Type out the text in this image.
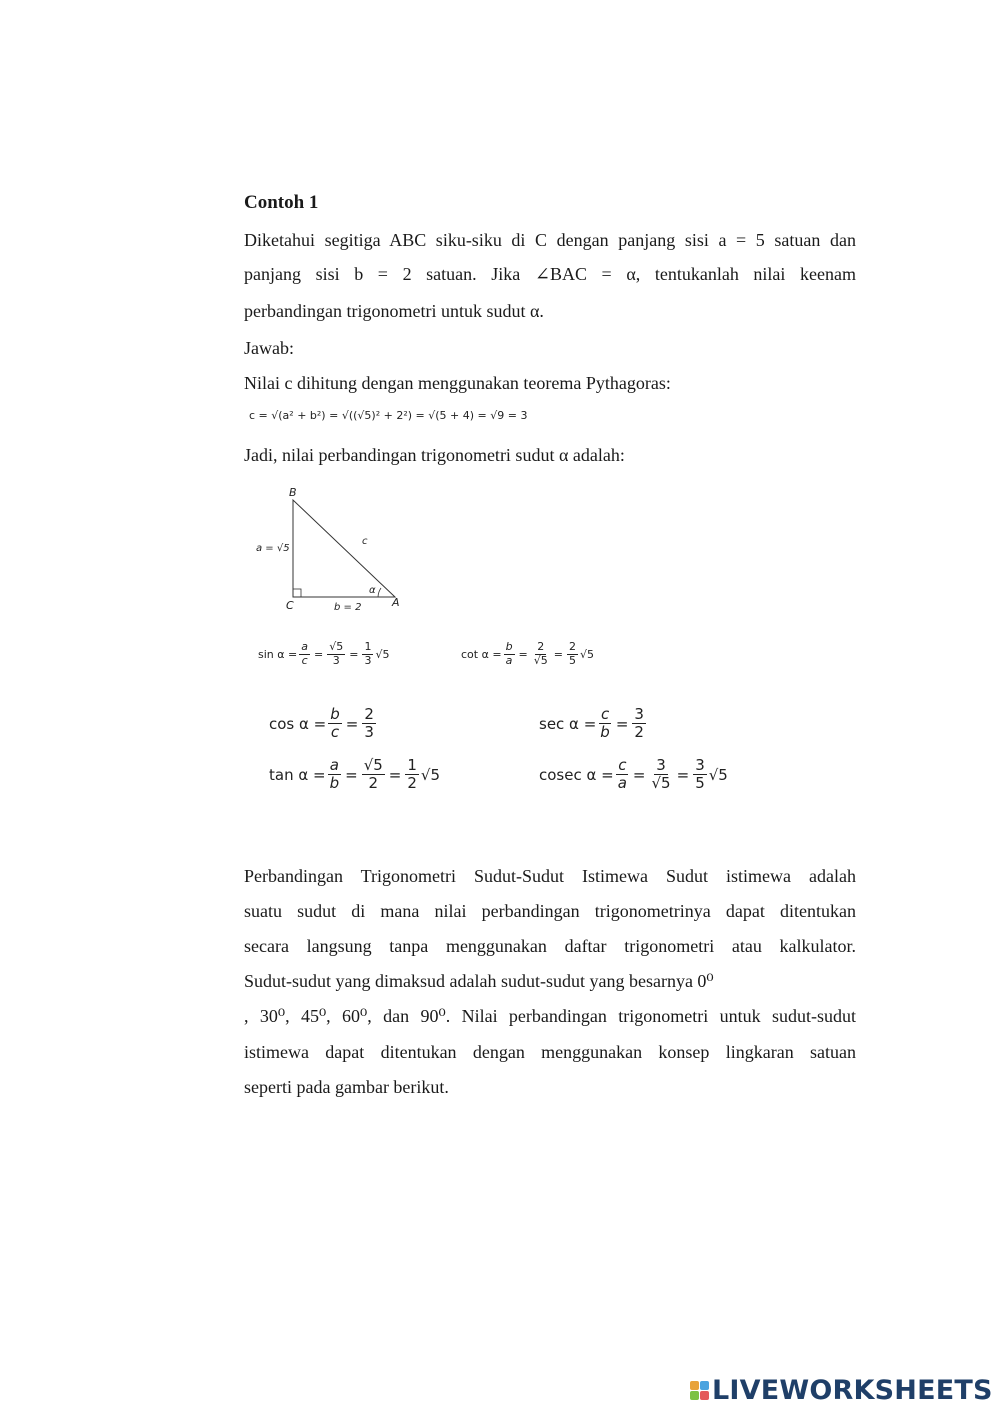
Contoh 1
Diketahui segitiga ABC siku-siku di C dengan panjang sisi a = 5 satuan dan
panjang sisi b = 2 satuan. Jika ∠BAC = α, tentukanlah nilai keenam
perbandingan trigonometri untuk sudut α.
Jawab:
Nilai c dihitung dengan menggunakan teorema Pythagoras:
c = √(a² + b²) = √((√5)² + 2²) = √(5 + 4) = √9 = 3
Jadi, nilai perbandingan trigonometri sudut α adalah:
B
C	A
a = √5
b = 2
c
α
$\sin \alpha = \frac{a}{c} = \frac{√5}{3} = \frac{1}{3} √5$	$\cot \alpha = \frac{b}{a} = \frac{2}{√5} = \frac{2}{5} √5$
$\cos \alpha = \frac{b}{c} = \frac{2}{3}$	$\sec \alpha = \frac{c}{b} = \frac{3}{2}$
$\tan \alpha = \frac{a}{b} = \frac{√5}{2} = \frac{1}{2} √5$	cosec $\alpha = \frac{c}{a} = \frac{3}{√5} = \frac{3}{5} √5$
Perbandingan Trigonometri Sudut-Sudut Istimewa Sudut istimewa adalah
suatu sudut di mana nilai perbandingan trigonometrinya dapat ditentukan
secara langsung tanpa menggunakan daftar trigonometri atau kalkulator.
Sudut-sudut yang dimaksud adalah sudut-sudut yang besarnya 0⁰
, 30⁰, 45⁰, 60⁰, dan 90⁰. Nilai perbandingan trigonometri untuk sudut-sudut
istimewa dapat ditentukan dengan menggunakan konsep lingkaran satuan
seperti pada gambar berikut.
LIVEWORKSHEETS
